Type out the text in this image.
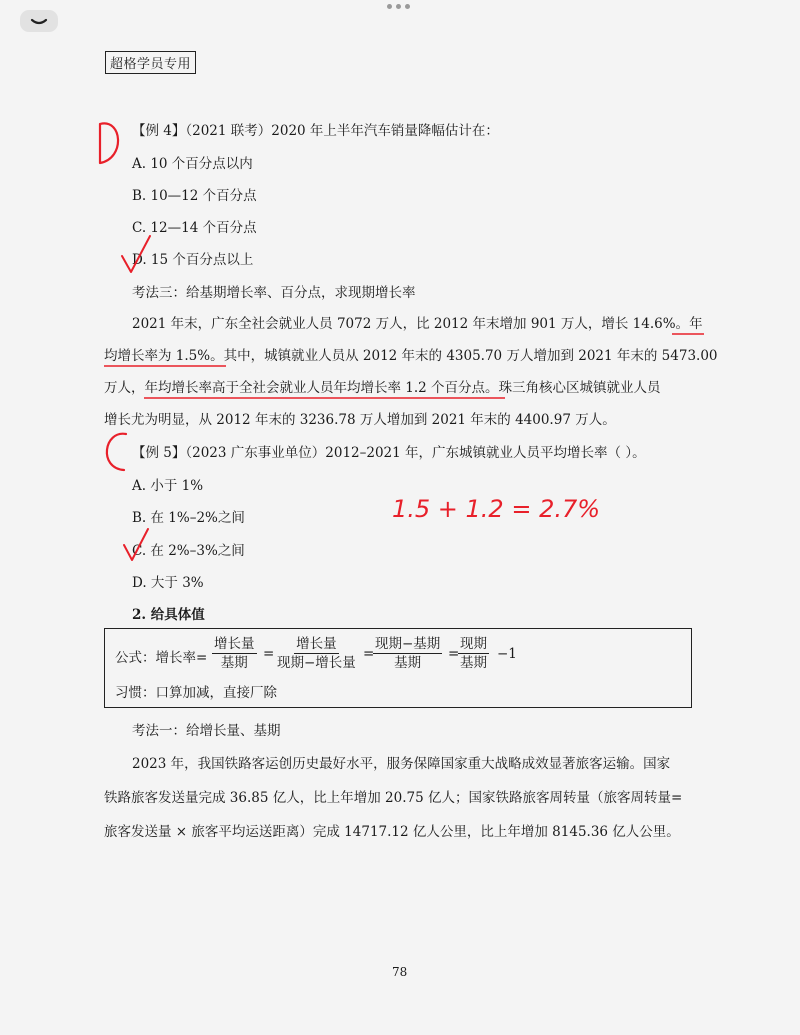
超格学员专用
【例 4】（2021 联考）2020 年上半年汽车销量降幅估计在：
A. 10 个百分点以内
B. 10—12 个百分点
C. 12—14 个百分点
D. 15 个百分点以上
考法三：给基期增长率、百分点，求现期增长率
2021 年末，广东全社会就业人员 7072 万人，比 2012 年末增加 901 万人，增长 14.6%。年
均增长率为 1.5%。其中，城镇就业人员从 2012 年末的 4305.70 万人增加到 2021 年末的 5473.00
万人，年均增长率高于全社会就业人员年均增长率 1.2 个百分点。珠三角核心区城镇就业人员
增长尤为明显，从 2012 年末的 3236.78 万人增加到 2021 年末的 4400.97 万人。
【例 5】（2023 广东事业单位）2012–2021 年，广东城镇就业人员平均增长率（ ）。
A. 小于 1%
B. 在 1%–2%之间
C. 在 2%–3%之间
D. 大于 3%
2. 给具体值
公式：增长率=
增长量
基期
=
增长量
现期−增长量
=
现期−基期
基期
=
现期
基期
−1
习惯：口算加减，直接厂除
考法一：给增长量、基期
2023 年，我国铁路客运创历史最好水平，服务保障国家重大战略成效显著旅客运输。国家
铁路旅客发送量完成 36.85 亿人，比上年增加 20.75 亿人；国家铁路旅客周转量（旅客周转量=
旅客发送量 × 旅客平均运送距离）完成 14717.12 亿人公里，比上年增加 8145.36 亿人公里。
78
1.5 + 1.2 = 2.7%
